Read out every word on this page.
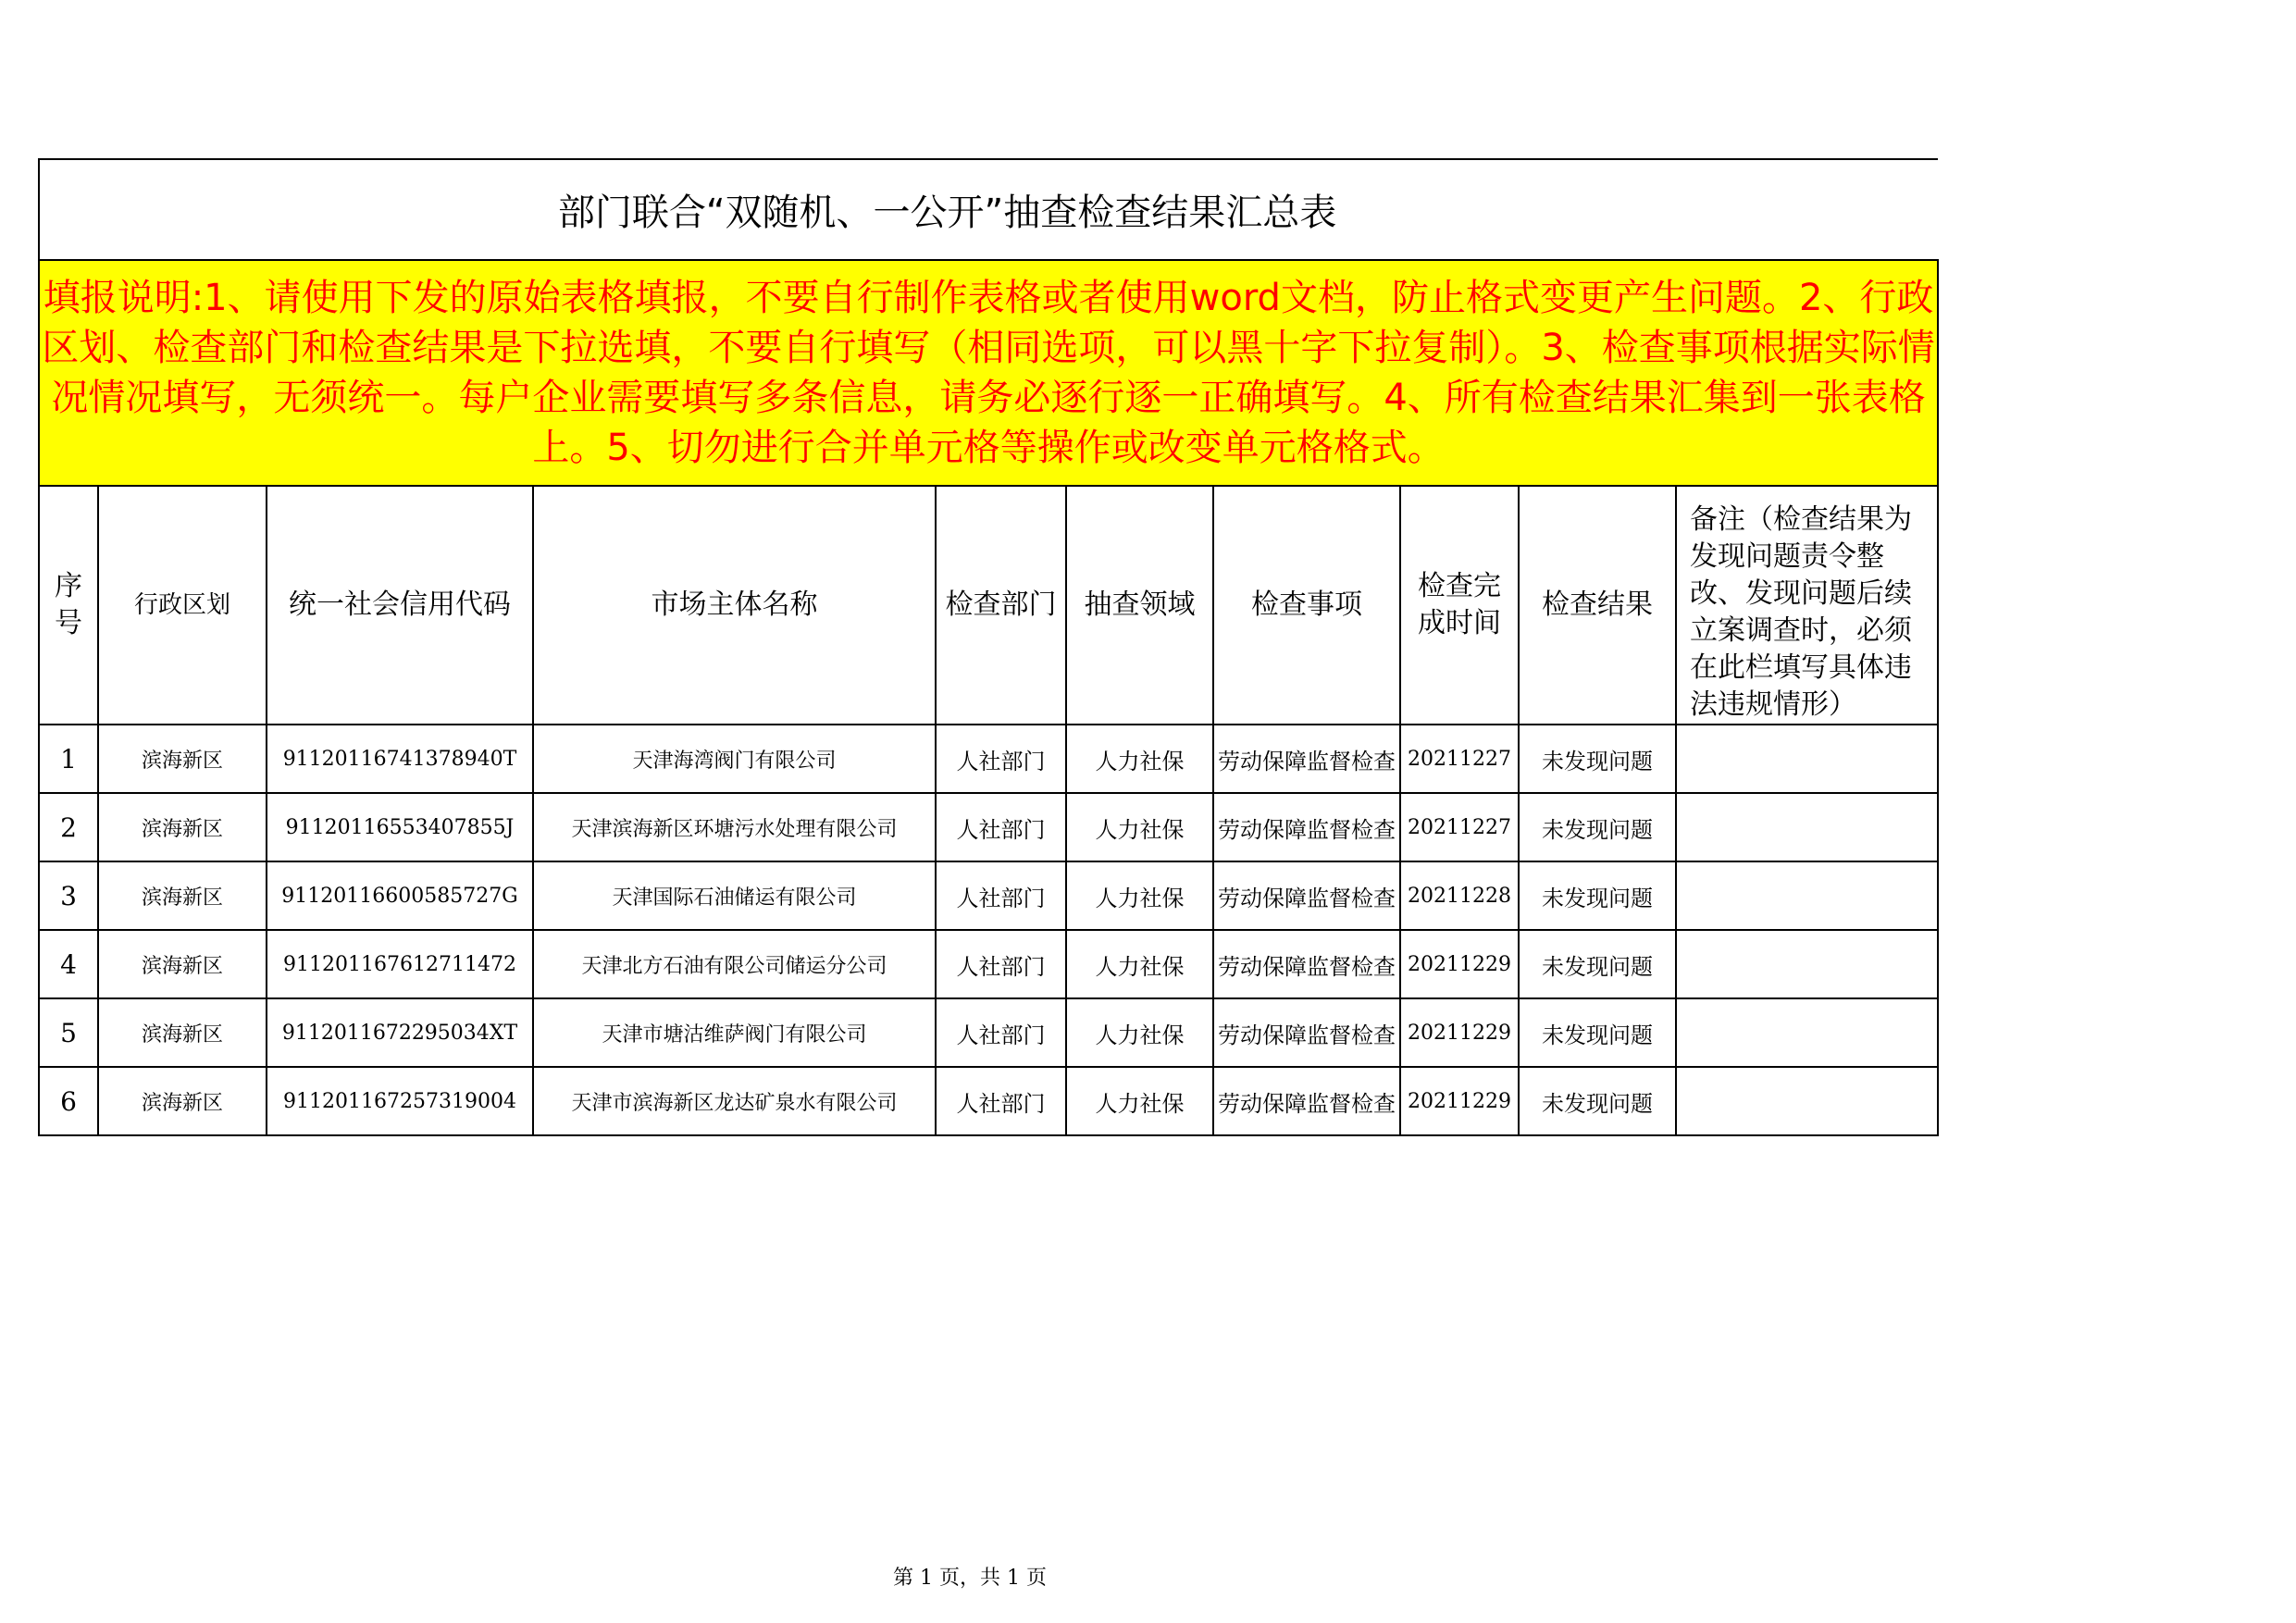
部门联合“双随机、一公开”抽查检查结果汇总表									
填报说明:1、请使用下发的原始表格填报，不要自行制作表格或者使用word文档，防止格式变更产生问题。2、行政区划、检查部门和检查结果是下拉选填，不要自行填写（相同选项，可以黑十字下拉复制）。3、检查事项根据实际情况情况填写，无须统一。每户企业需要填写多条信息，请务必逐行逐一正确填写。4、所有检查结果汇集到一张表格上。5、切勿进行合并单元格等操作或改变单元格格式。									
序号	行政区划	统一社会信用代码	市场主体名称	检查部门	抽查领域	检查事项	检查完成时间	检查结果	备注（检查结果为发现问题责令整改、发现问题后续立案调查时，必须在此栏填写具体违法违规情形）
1	滨海新区	91120116741378940T	天津海湾阀门有限公司	人社部门	人力社保	劳动保障监督检查	20211227	未发现问题	
2	滨海新区	91120116553407855J	天津滨海新区环塘污水处理有限公司	人社部门	人力社保	劳动保障监督检查	20211227	未发现问题	
3	滨海新区	91120116600585727G	天津国际石油储运有限公司	人社部门	人力社保	劳动保障监督检查	20211228	未发现问题	
4	滨海新区	911201167612711472	天津北方石油有限公司储运分公司	人社部门	人力社保	劳动保障监督检查	20211229	未发现问题	
5	滨海新区	9112011672295034XT	天津市塘沽维萨阀门有限公司	人社部门	人力社保	劳动保障监督检查	20211229	未发现问题	
6	滨海新区	911201167257319004	天津市滨海新区龙达矿泉水有限公司	人社部门	人力社保	劳动保障监督检查	20211229	未发现问题	
第 1 页，共 1 页
